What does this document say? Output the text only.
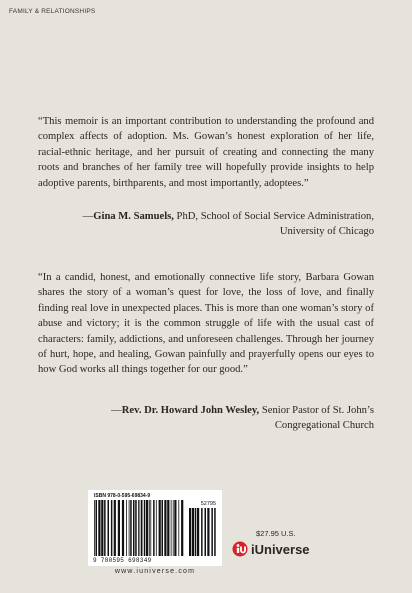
FAMILY & RELATIONSHIPS
“This memoir is an important contribution to understanding the profound and complex affects of adoption. Ms. Gowan’s honest exploration of her life, racial-ethnic heritage, and her pursuit of creating and connecting the many roots and branches of her family tree will hopefully provide insights to help adoptive parents, birthparents, and most importantly, adoptees.”
—Gina M. Samuels, PhD, School of Social Service Administration,
University of Chicago
“In a candid, honest, and emotionally connective life story, Barbara Gowan shares the story of a woman’s quest for love, the loss of love, and finally finding real love in unexpected places. This is more than one woman’s story of abuse and victory; it is the common struggle of life with the usual cast of characters: family, addictions, and unforeseen challenges. Through her journey of hurt, hope, and healing, Gowan painfully and prayerfully opens our eyes to how God works all things together for our good.”
—Rev. Dr. Howard John Wesley, Senior Pastor of St. John’s
Congregational Church
ISBN 978-0-595-69834-9
52795
9 780595 698349
www.iuniverse.com
$27.95 U.S.
iUniverse
